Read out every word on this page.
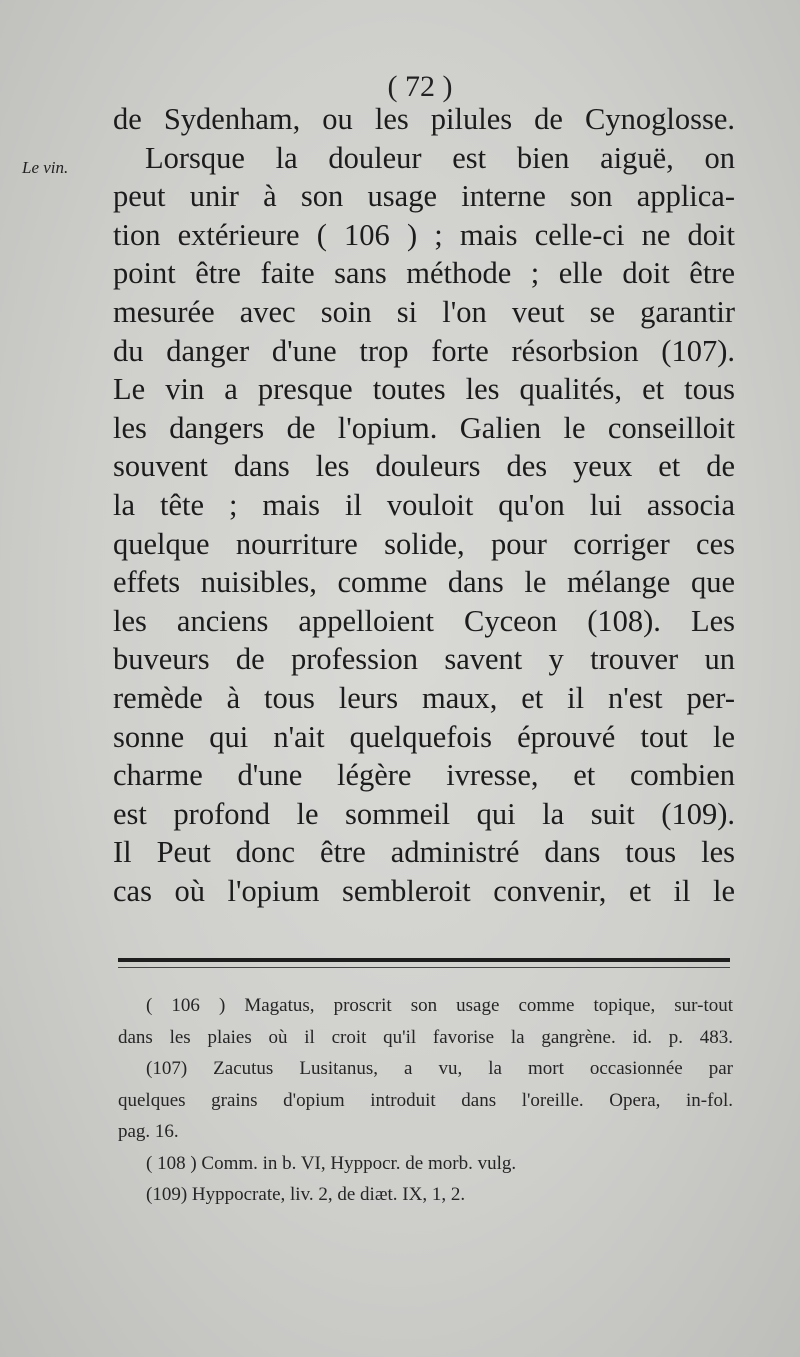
( 72 )
Le vin.
de Sydenham, ou les pilules de Cynoglosse.
Lorsque la douleur est bien aiguë, on
peut unir à son usage interne son applica-
tion extérieure ( 106 ) ; mais celle-ci ne doit
point être faite sans méthode ; elle doit être
mesurée avec soin si l'on veut se garantir
du danger d'une trop forte résorbsion (107).
Le vin a presque toutes les qualités, et tous
les dangers de l'opium. Galien le conseilloit
souvent dans les douleurs des yeux et de
la tête ; mais il vouloit qu'on lui associa
quelque nourriture solide, pour corriger ces
effets nuisibles, comme dans le mélange que
les anciens appelloient Cyceon (108). Les
buveurs de profession savent y trouver un
remède à tous leurs maux, et il n'est per-
sonne qui n'ait quelquefois éprouvé tout le
charme d'une légère ivresse, et combien
est profond le sommeil qui la suit (109).
Il Peut donc être administré dans tous les
cas où l'opium sembleroit convenir, et il le
( 106 ) Magatus, proscrit son usage comme topique, sur-tout
dans les plaies où il croit qu'il favorise la gangrène. id. p. 483.
(107) Zacutus Lusitanus, a vu, la mort occasionnée par
quelques grains d'opium introduit dans l'oreille. Opera, in-fol.
pag. 16.
( 108 ) Comm. in b. VI, Hyppocr. de morb. vulg.
(109) Hyppocrate, liv. 2, de diæt. IX, 1, 2.
